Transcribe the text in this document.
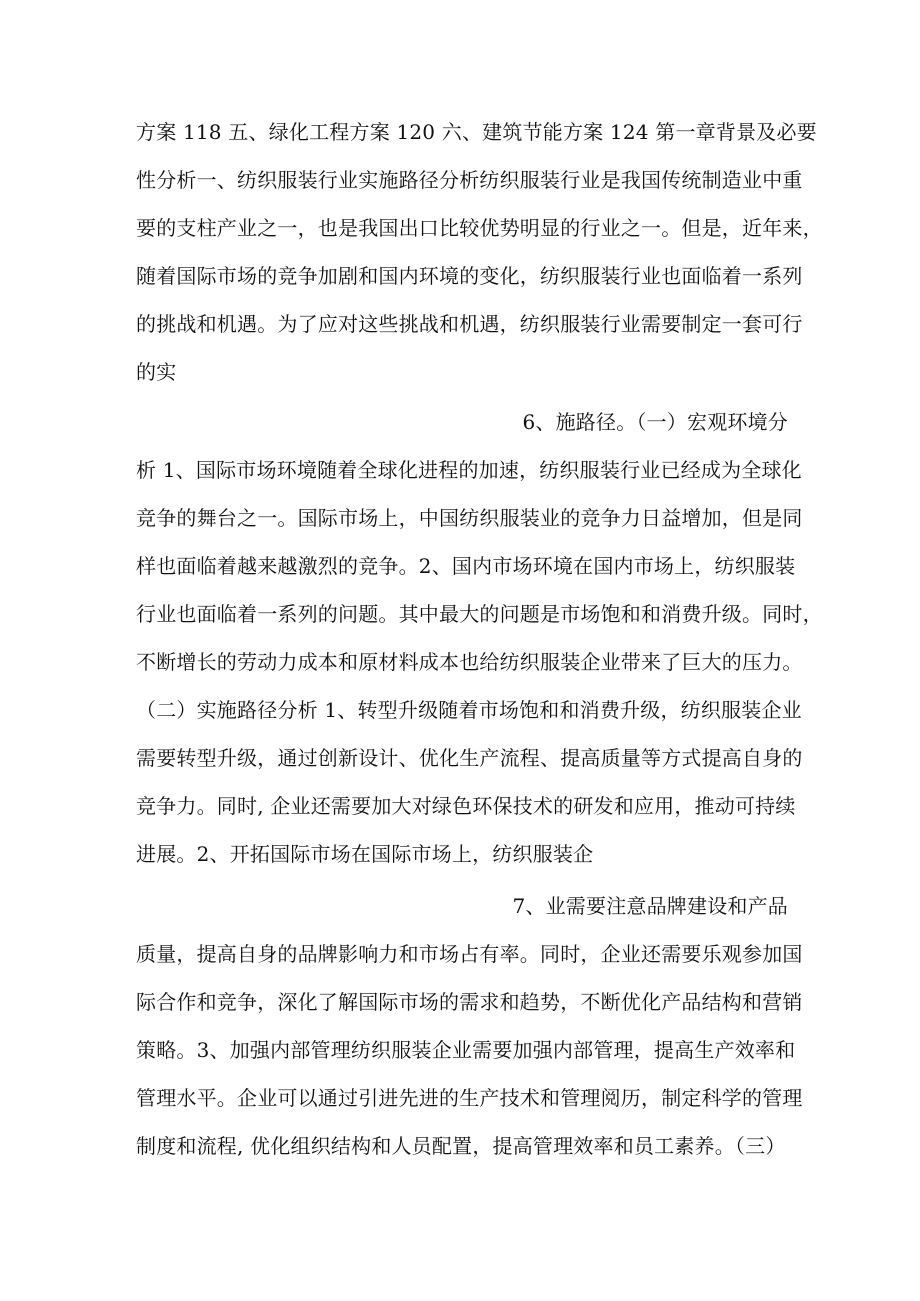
方案 118 五、绿化工程方案 120 六、建筑节能方案 124 第一章背景及必要
性分析一、纺织服装行业实施路径分析纺织服装行业是我国传统制造业中重
要的支柱产业之一，也是我国出口比较优势明显的行业之一。但是，近年来，
随着国际市场的竞争加剧和国内环境的变化，纺织服装行业也面临着一系列
的挑战和机遇。为了应对这些挑战和机遇，纺织服装行业需要制定一套可行
的实
6、施路径。（一）宏观环境分
析 1、国际市场环境随着全球化进程的加速，纺织服装行业已经成为全球化
竞争的舞台之一。国际市场上，中国纺织服装业的竞争力日益增加，但是同
样也面临着越来越激烈的竞争。2、国内市场环境在国内市场上，纺织服装
行业也面临着一系列的问题。其中最大的问题是市场饱和和消费升级。同时，
不断增长的劳动力成本和原材料成本也给纺织服装企业带来了巨大的压力。
（二）实施路径分析 1、转型升级随着市场饱和和消费升级，纺织服装企业
需要转型升级，通过创新设计、优化生产流程、提高质量等方式提高自身的
竞争力。同时, 企业还需要加大对绿色环保技术的研发和应用，推动可持续
进展。2、开拓国际市场在国际市场上，纺织服装企
7、业需要注意品牌建设和产品
质量，提高自身的品牌影响力和市场占有率。同时，企业还需要乐观参加国
际合作和竞争，深化了解国际市场的需求和趋势，不断优化产品结构和营销
策略。3、加强内部管理纺织服装企业需要加强内部管理，提高生产效率和
管理水平。企业可以通过引进先进的生产技术和管理阅历，制定科学的管理
制度和流程, 优化组织结构和人员配置，提高管理效率和员工素养。（三）
